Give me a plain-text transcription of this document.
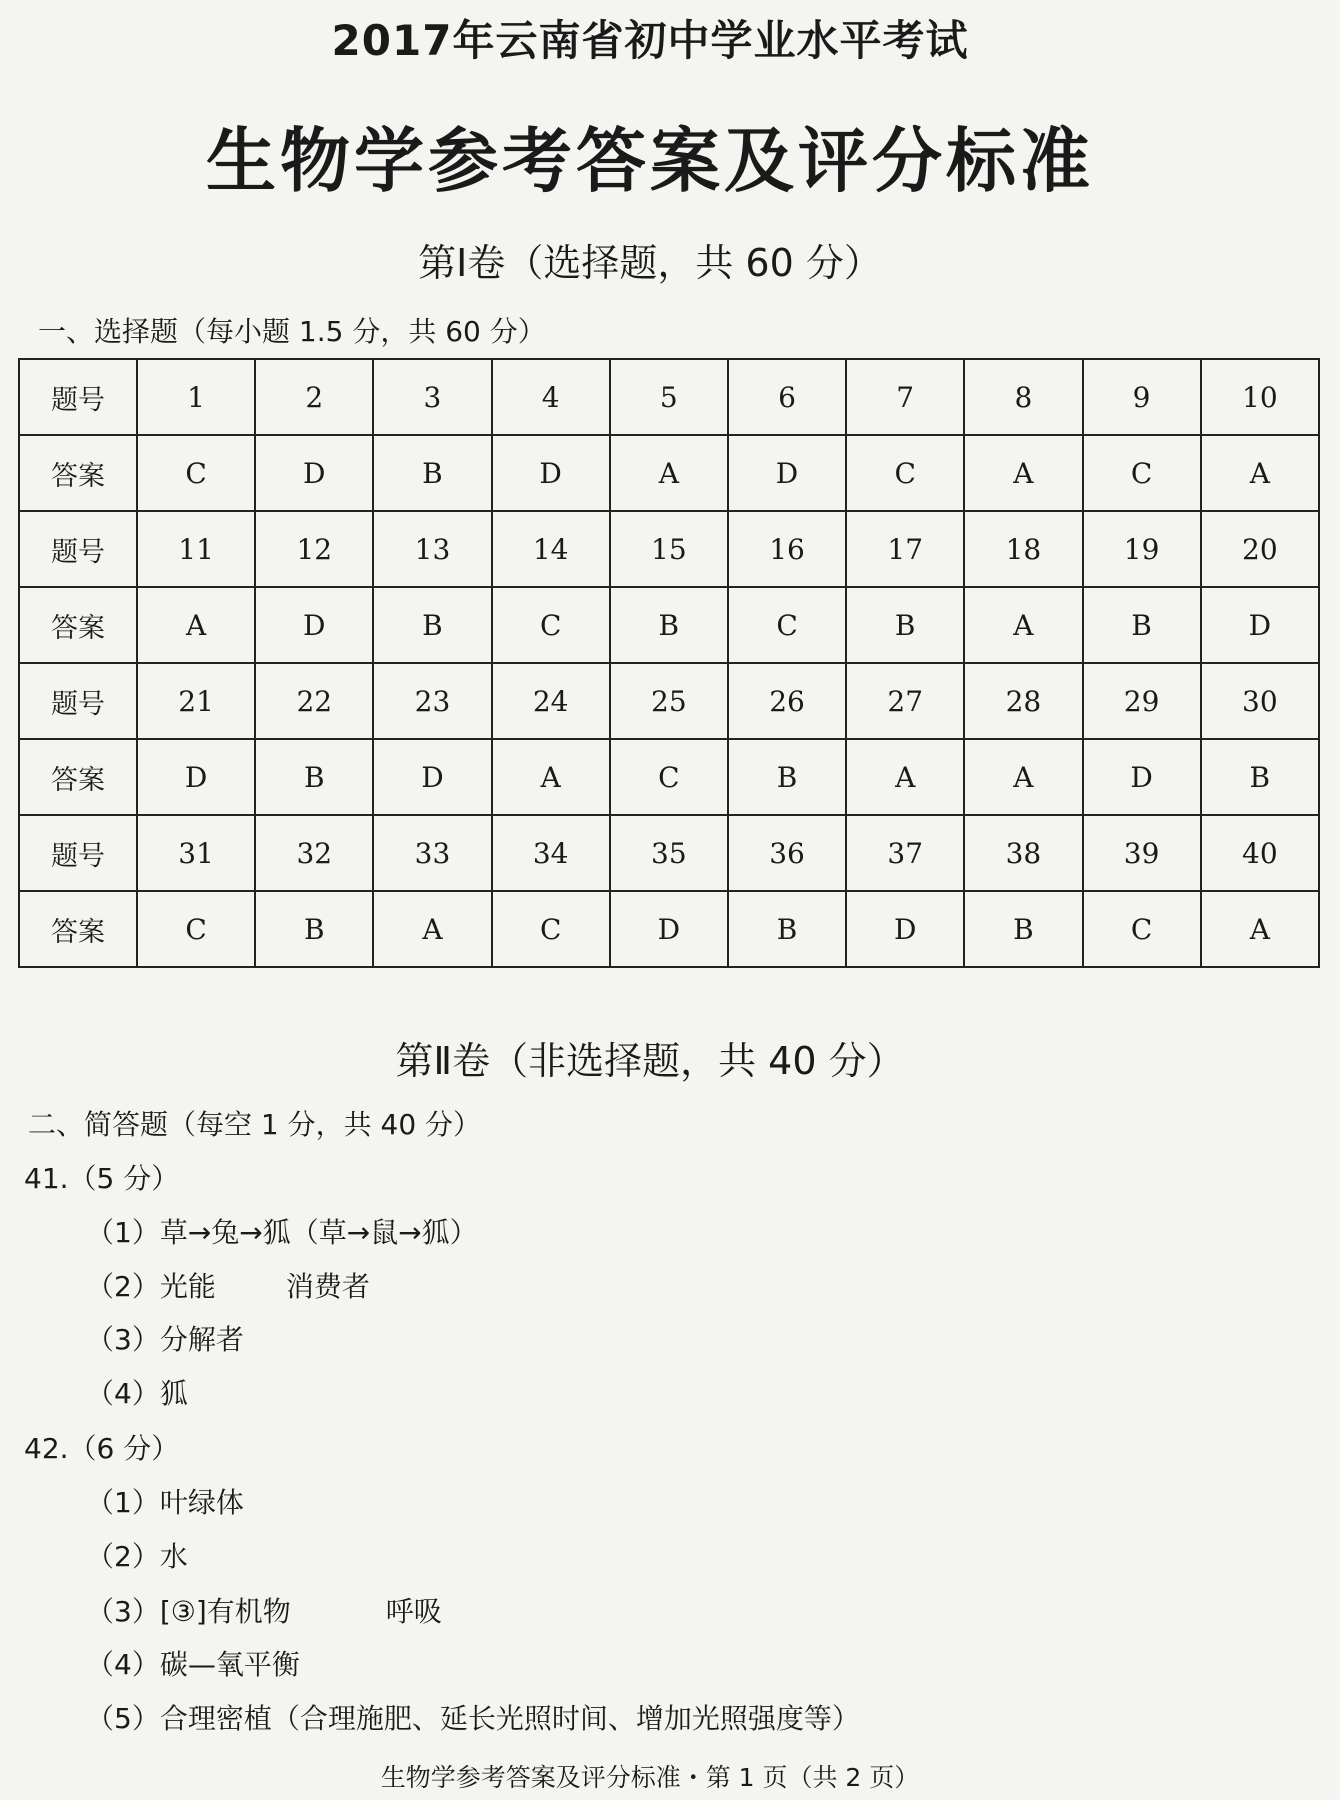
2017年云南省初中学业水平考试
生物学参考答案及评分标准
第Ⅰ卷（选择题，共 60 分）
一、选择题（每小题 1.5 分，共 60 分）
题号	1	2	3	4	5	6	7	8	9	10
答案	C	D	B	D	A	D	C	A	C	A
题号	11	12	13	14	15	16	17	18	19	20
答案	A	D	B	C	B	C	B	A	B	D
题号	21	22	23	24	25	26	27	28	29	30
答案	D	B	D	A	C	B	A	A	D	B
题号	31	32	33	34	35	36	37	38	39	40
答案	C	B	A	C	D	B	D	B	C	A
第Ⅱ卷（非选择题，共 40 分）
二、简答题（每空 1 分，共 40 分）
41.（5 分）
（1）草→兔→狐（草→鼠→狐）
（2）光能	消费者
（3）分解者
（4）狐
42.（6 分）
（1）叶绿体
（2）水
（3）[③]有机物	呼吸
（4）碳—氧平衡
（5）合理密植（合理施肥、延长光照时间、增加光照强度等）
生物学参考答案及评分标准・第 1 页（共 2 页）
